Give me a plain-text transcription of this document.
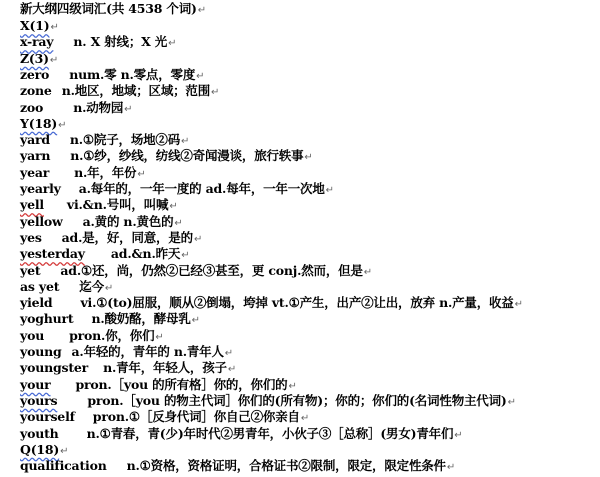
新大纲四级词汇(共 4538 个词)↵
X(1)↵
x-ray n. X 射线；X 光↵
Z(3)↵
zero num.零 n.零点，零度↵
zone n.地区，地域；区域；范围↵
zoo n.动物园↵
Y(18)↵
yard n.①院子，场地②码↵
yarn n.①纱，纱线，纺线②奇闻漫谈，旅行轶事↵
year n.年，年份↵
yearly a.每年的，一年一度的 ad.每年，一年一次地↵
yell vi.&n.号叫，叫喊↵
yellow a.黄的 n.黄色的↵
yes ad.是，好，同意，是的↵
yesterday ad.&n.昨天↵
yet ad.①还，尚，仍然②已经③甚至，更 conj.然而，但是↵
as yet 迄今↵
yield vi.①(to)屈服，顺从②倒塌，垮掉 vt.①产生，出产②让出，放弃 n.产量，收益↵
yoghurt n.酸奶酪，酵母乳↵
you pron.你，你们↵
young a.年轻的，青年的 n.青年人↵
youngster n.青年，年轻人，孩子↵
your pron.［you 的所有格］你的，你们的↵
yours pron.［you 的物主代词］你们的(所有物)；你的；你们的(名词性物主代词)↵
yourself pron.①［反身代词］你自己②你亲自↵
youth n.①青春，青(少)年时代②男青年，小伙子③［总称］(男女)青年们↵
Q(18)↵
qualification n.①资格，资格证明，合格证书②限制，限定，限定性条件↵
